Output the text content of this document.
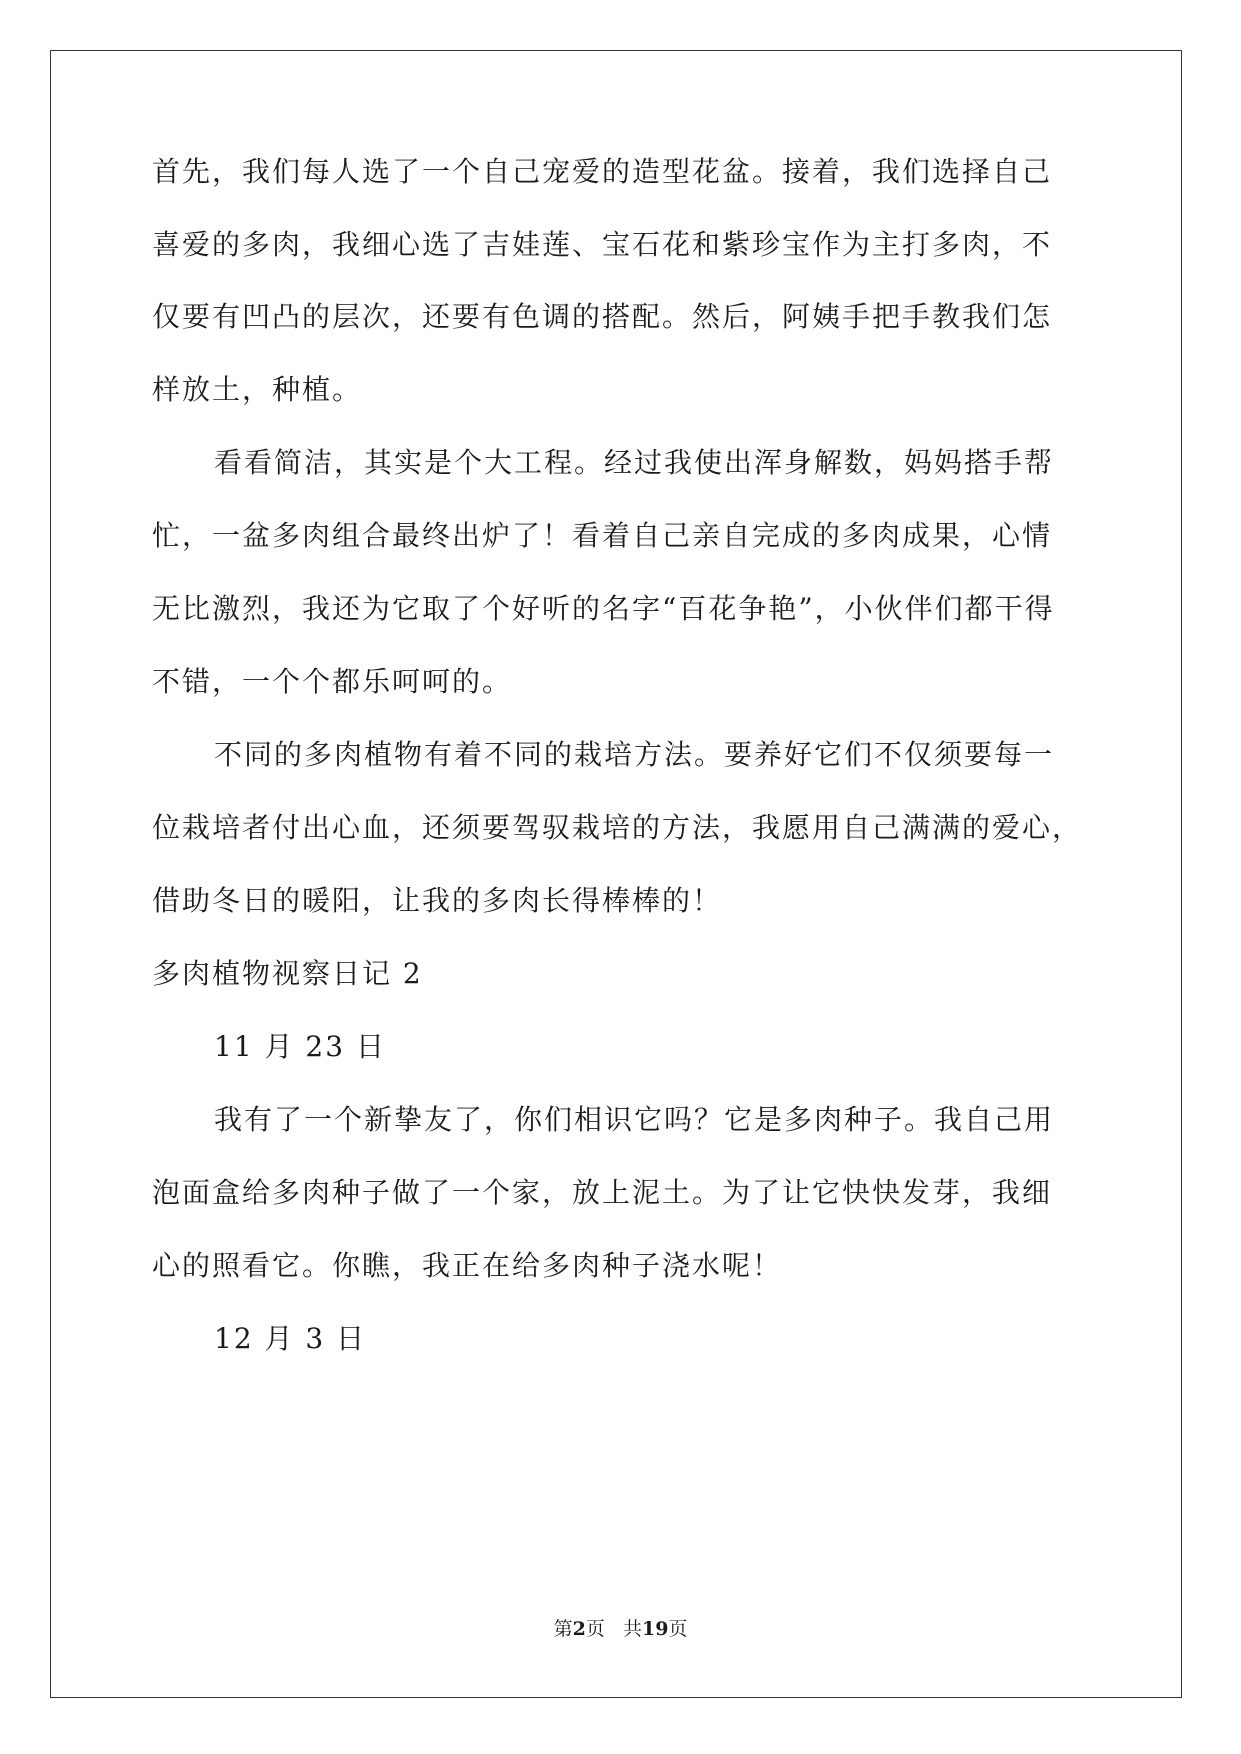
首先，我们每人选了一个自己宠爱的造型花盆。接着，我们选择自己
喜爱的多肉，我细心选了吉娃莲、宝石花和紫珍宝作为主打多肉，不
仅要有凹凸的层次，还要有色调的搭配。然后，阿姨手把手教我们怎
样放土，种植。
看看简洁，其实是个大工程。经过我使出浑身解数，妈妈搭手帮
忙，一盆多肉组合最终出炉了！看着自己亲自完成的多肉成果，心情
无比激烈，我还为它取了个好听的名字“百花争艳”，小伙伴们都干得
不错，一个个都乐呵呵的。
不同的多肉植物有着不同的栽培方法。要养好它们不仅须要每一
位栽培者付出心血，还须要驾驭栽培的方法，我愿用自己满满的爱心，
借助冬日的暖阳，让我的多肉长得棒棒的！
多肉植物视察日记 2
11 月 23 日
我有了一个新挚友了，你们相识它吗？它是多肉种子。我自己用
泡面盒给多肉种子做了一个家，放上泥土。为了让它快快发芽，我细
心的照看它。你瞧，我正在给多肉种子浇水呢！
12 月 3 日
第2页 共19页
